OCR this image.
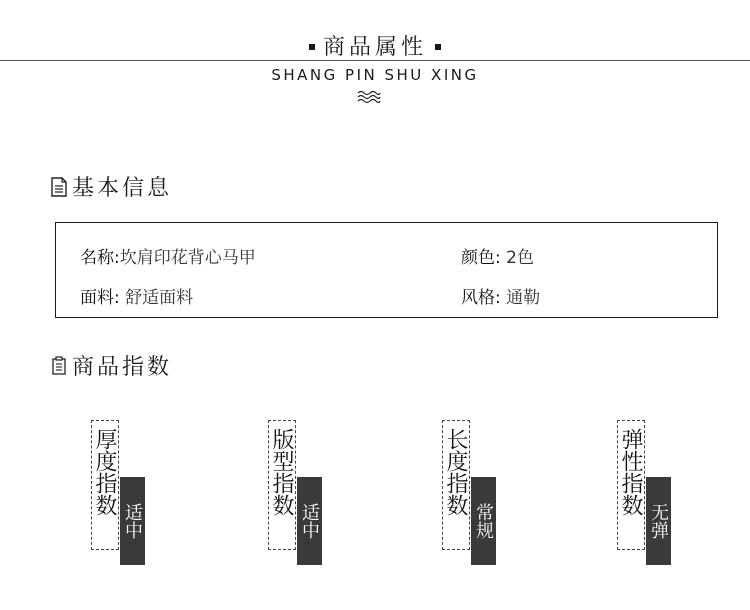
商品属性
SHANG PIN SHU XING
基本信息
名称:坎肩印花背心马甲	颜色: 2色
面料: 舒适面料	风格: 通勒
商品指数
厚度指数
适中
版型指数
适中
长度指数
常规
弹性指数
无弹
